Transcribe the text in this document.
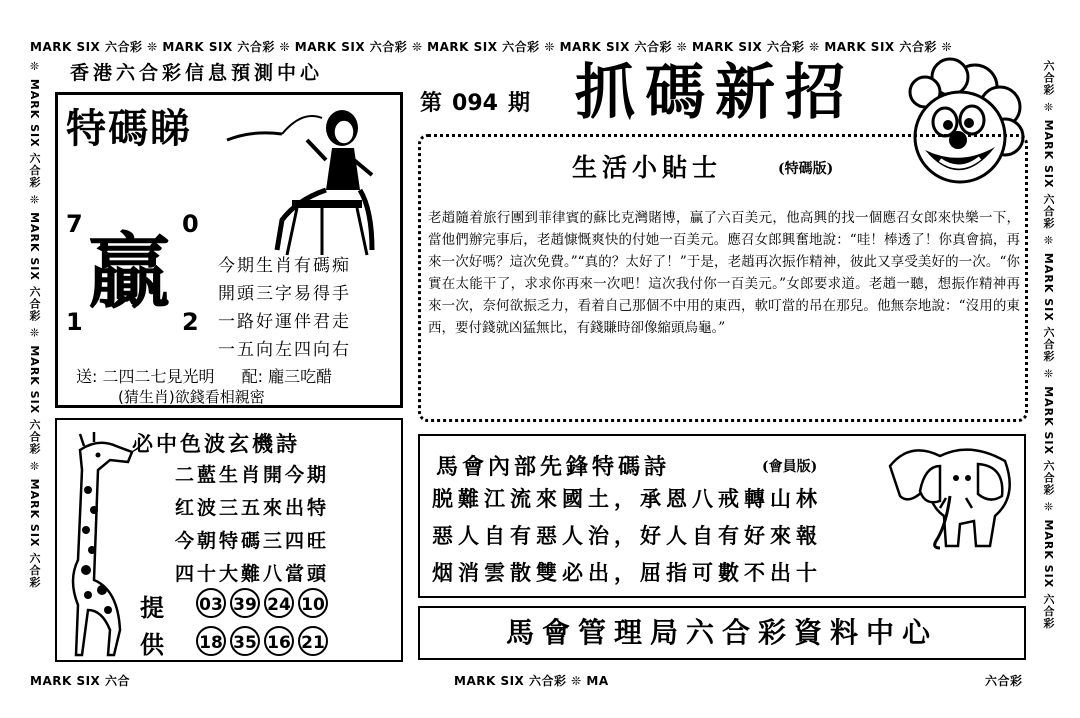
MARK SIX 六合彩 ❊ MARK SIX 六合彩 ❊ MARK SIX 六合彩 ❊ MARK SIX 六合彩 ❊ MARK SIX 六合彩 ❊ MARK SIX 六合彩 ❊ MARK SIX 六合彩 ❊
MARK SIX 六合	MARK SIX 六合彩 ❊ MA	六合彩
❊ MARK SIX 六合彩 ❊ MARK SIX 六合彩 ❊ MARK SIX 六合彩 ❊ MARK SIX 六合彩	六合彩 ❊ MARK SIX 六合彩 ❊ MARK SIX 六合彩 ❊ MARK SIX 六合彩 ❊ MARK SIX 六合彩
香港六合彩信息預測中心
第 094 期 抓碼新招
特碼睇
7	0
1	2
贏	今期生肖有碼痴
開頭三字易得手
一路好運伴君走
一五向左四向右
送: 二四二七見光明 配: 龐三吃醋
(猜生肖)欲錢看相親密
生活小貼士	(特碼版)
老趙隨着旅行團到菲律賓的蘇比克灣賭博，贏了六百美元，他高興的找一個應召女郎來快樂一下，當他們辦完事后，老趙慷慨爽快的付她一百美元。應召女郎興奮地說：“哇！棒透了！你真會搞，再來一次好嗎？這次免費。”“真的？太好了！”于是，老趙再次振作精神，彼此又享受美好的一次。“你實在太能干了，求求你再來一次吧！這次我付你一百美元。”女郎要求道。老趙一聽，想振作精神再來一次，奈何欲振乏力，看着自己那個不中用的東西，軟叮當的吊在那兒。他無奈地說：“沒用的東西，要付錢就凶猛無比，有錢賺時卻像縮頭烏龜。”
必中色波玄機詩
二藍生肖開今期
红波三五來出特
今朝特碼三四旺
四十大難八當頭
提
供
03 39 24 10
18 35 16 21
馬會內部先鋒特碼詩	(會員版)
脱難江流來國土，承恩八戒轉山林
惡人自有惡人治，好人自有好來報
烟消雲散雙必出，屈指可數不出十
馬會管理局六合彩資料中心
